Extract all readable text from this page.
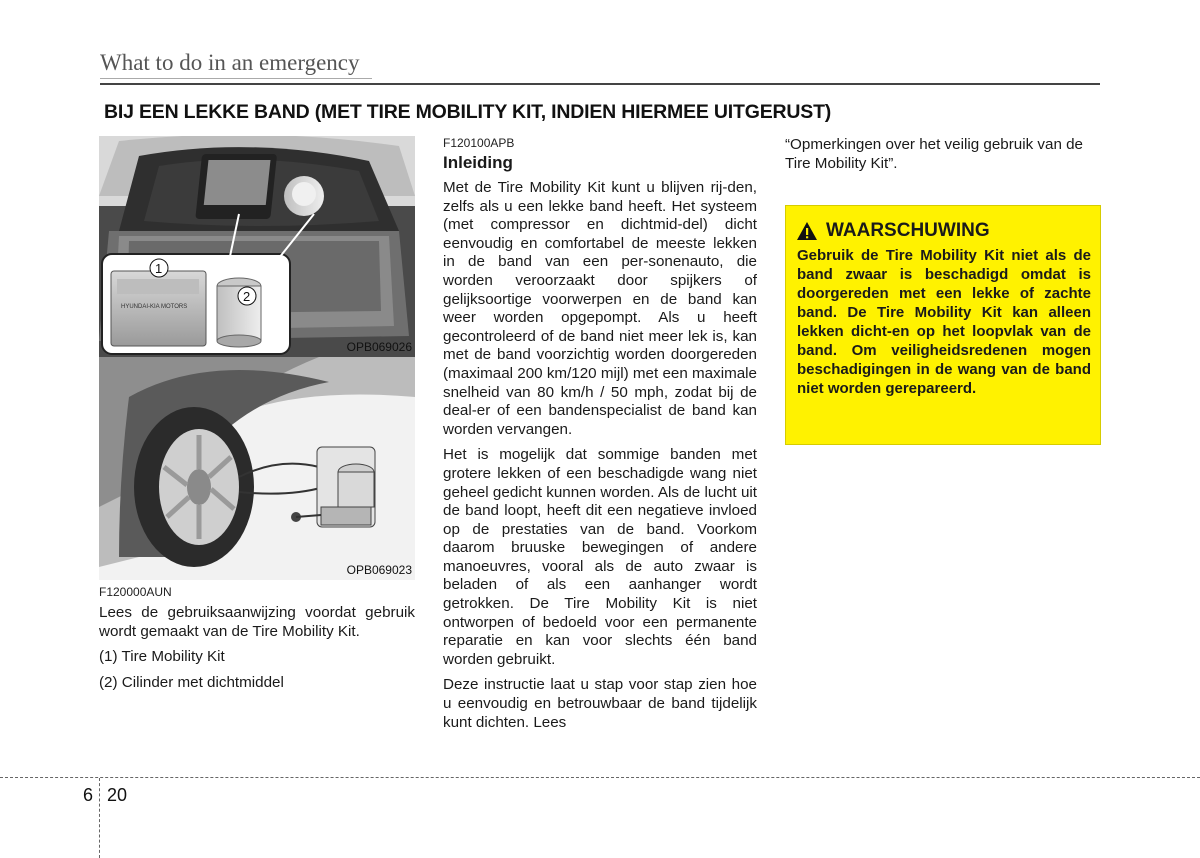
What to do in an emergency
BIJ EEN LEKKE BAND (MET TIRE MOBILITY KIT, INDIEN HIERMEE UITGERUST)
HYUNDAI-KIA MOTORS
1
2
OPB069026
OPB069023
F120000AUN

Lees de gebruiksaanwijzing voordat gebruik wordt gemaakt van de Tire Mobility Kit.

(1) Tire Mobility Kit

(2) Cilinder met dichtmiddel

F120100APB
Inleiding

Met de Tire Mobility Kit kunt u blijven rij-den, zelfs als u een lekke band heeft. Het systeem (met compressor en dichtmid-del) dicht eenvoudig en comfortabel de meeste lekken in de band van een per-sonenauto, die worden veroorzaakt door spijkers of gelijksoortige voorwerpen en de band kan weer worden opgepompt. Als u heeft gecontroleerd of de band niet meer lek is, kan met de band voorzichtig worden doorgereden (maximaal 200 km/120 mijl) met een maximale snelheid van 80 km/h / 50 mph, zodat bij de deal-er of een bandenspecialist de band kan worden vervangen.

Het is mogelijk dat sommige banden met grotere lekken of een beschadigde wang niet geheel gedicht kunnen worden. Als de lucht uit de band loopt, heeft dit een negatieve invloed op de prestaties van de band. Voorkom daarom bruuske bewegingen of andere manoeuvres, vooral als de auto zwaar is beladen of als een aanhanger wordt getrokken. De Tire Mobility Kit is niet ontworpen of bedoeld voor een permanente reparatie en kan voor slechts één band worden gebruikt.

Deze instructie laat u stap voor stap zien hoe u eenvoudig en betrouwbaar de band tijdelijk kunt dichten. Lees

“Opmerkingen over het veilig gebruik van de Tire Mobility Kit”.

WAARSCHUWING
Gebruik de Tire Mobility Kit niet als de band zwaar is beschadigd omdat is doorgereden met een lekke of zachte band. De Tire Mobility Kit kan alleen lekken dicht-en op het loopvlak van de band. Om veiligheidsredenen mogen beschadigingen in de wang van de band niet worden gerepareerd.
6 20
